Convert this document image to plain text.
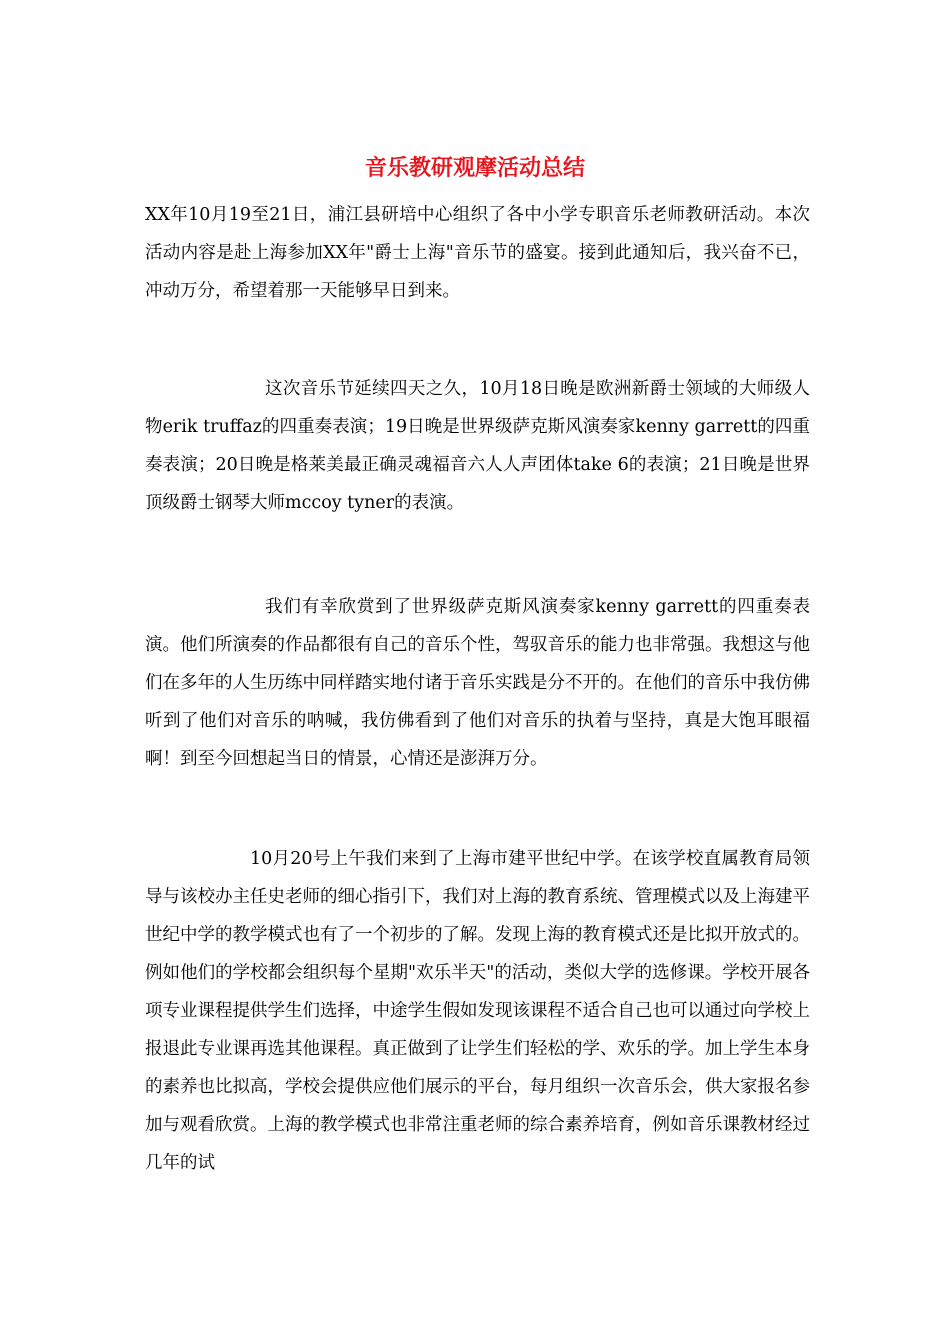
音乐教研观摩活动总结

XX年10月19至21日，浦江县研培中心组织了各中小学专职音乐老师教研活动。本次活动内容是赴上海参加XX年"爵士上海"音乐节的盛宴。接到此通知后，我兴奋不已，冲动万分，希望着那一天能够早日到来。

这次音乐节延续四天之久，10月18日晚是欧洲新爵士领域的大师级人物erik truffaz的四重奏表演；19日晚是世界级萨克斯风演奏家kenny garrett的四重奏表演；20日晚是格莱美最正确灵魂福音六人人声团体take 6的表演；21日晚是世界顶级爵士钢琴大师mccoy tyner的表演。

我们有幸欣赏到了世界级萨克斯风演奏家kenny garrett的四重奏表演。他们所演奏的作品都很有自己的音乐个性，驾驭音乐的能力也非常强。我想这与他们在多年的人生历练中同样踏实地付诸于音乐实践是分不开的。在他们的音乐中我仿佛听到了他们对音乐的呐喊，我仿佛看到了他们对音乐的执着与坚持，真是大饱耳眼福啊！到至今回想起当日的情景，心情还是澎湃万分。

10月20号上午我们来到了上海市建平世纪中学。在该学校直属教育局领导与该校办主任史老师的细心指引下，我们对上海的教育系统、管理模式以及上海建平世纪中学的教学模式也有了一个初步的了解。发现上海的教育模式还是比拟开放式的。例如他们的学校都会组织每个星期"欢乐半天"的活动，类似大学的选修课。学校开展各项专业课程提供学生们选择，中途学生假如发现该课程不适合自己也可以通过向学校上报退此专业课再选其他课程。真正做到了让学生们轻松的学、欢乐的学。加上学生本身的素养也比拟高，学校会提供应他们展示的平台，每月组织一次音乐会，供大家报名参加与观看欣赏。上海的教学模式也非常注重老师的综合素养培育，例如音乐课教材经过几年的试
